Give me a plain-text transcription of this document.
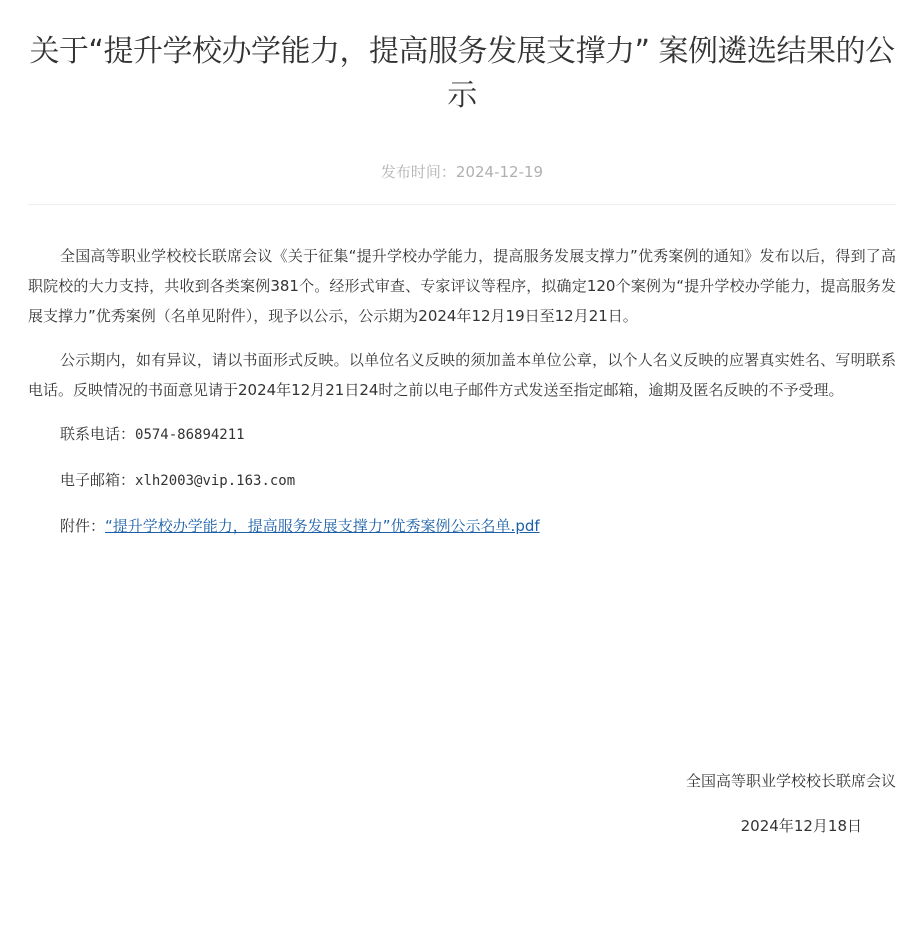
关于“提升学校办学能力，提高服务发展支撑力” 案例遴选结果的公示
发布时间：2024-12-19

全国高等职业学校校长联席会议《关于征集“提升学校办学能力，提高服务发展支撑力”优秀案例的通知》发布以后，得到了高职院校的大力支持，共收到各类案例381个。经形式审查、专家评议等程序，拟确定120个案例为“提升学校办学能力，提高服务发展支撑力”优秀案例（名单见附件），现予以公示，公示期为2024年12月19日至12月21日。

公示期内，如有异议，请以书面形式反映。以单位名义反映的须加盖本单位公章，以个人名义反映的应署真实姓名、写明联系电话。反映情况的书面意见请于2024年12月21日24时之前以电子邮件方式发送至指定邮箱，逾期及匿名反映的不予受理。

联系电话：0574-86894211

电子邮箱：xlh2003@vip.163.com

附件：“提升学校办学能力，提高服务发展支撑力”优秀案例公示名单.pdf

全国高等职业学校校长联席会议
2024年12月18日
